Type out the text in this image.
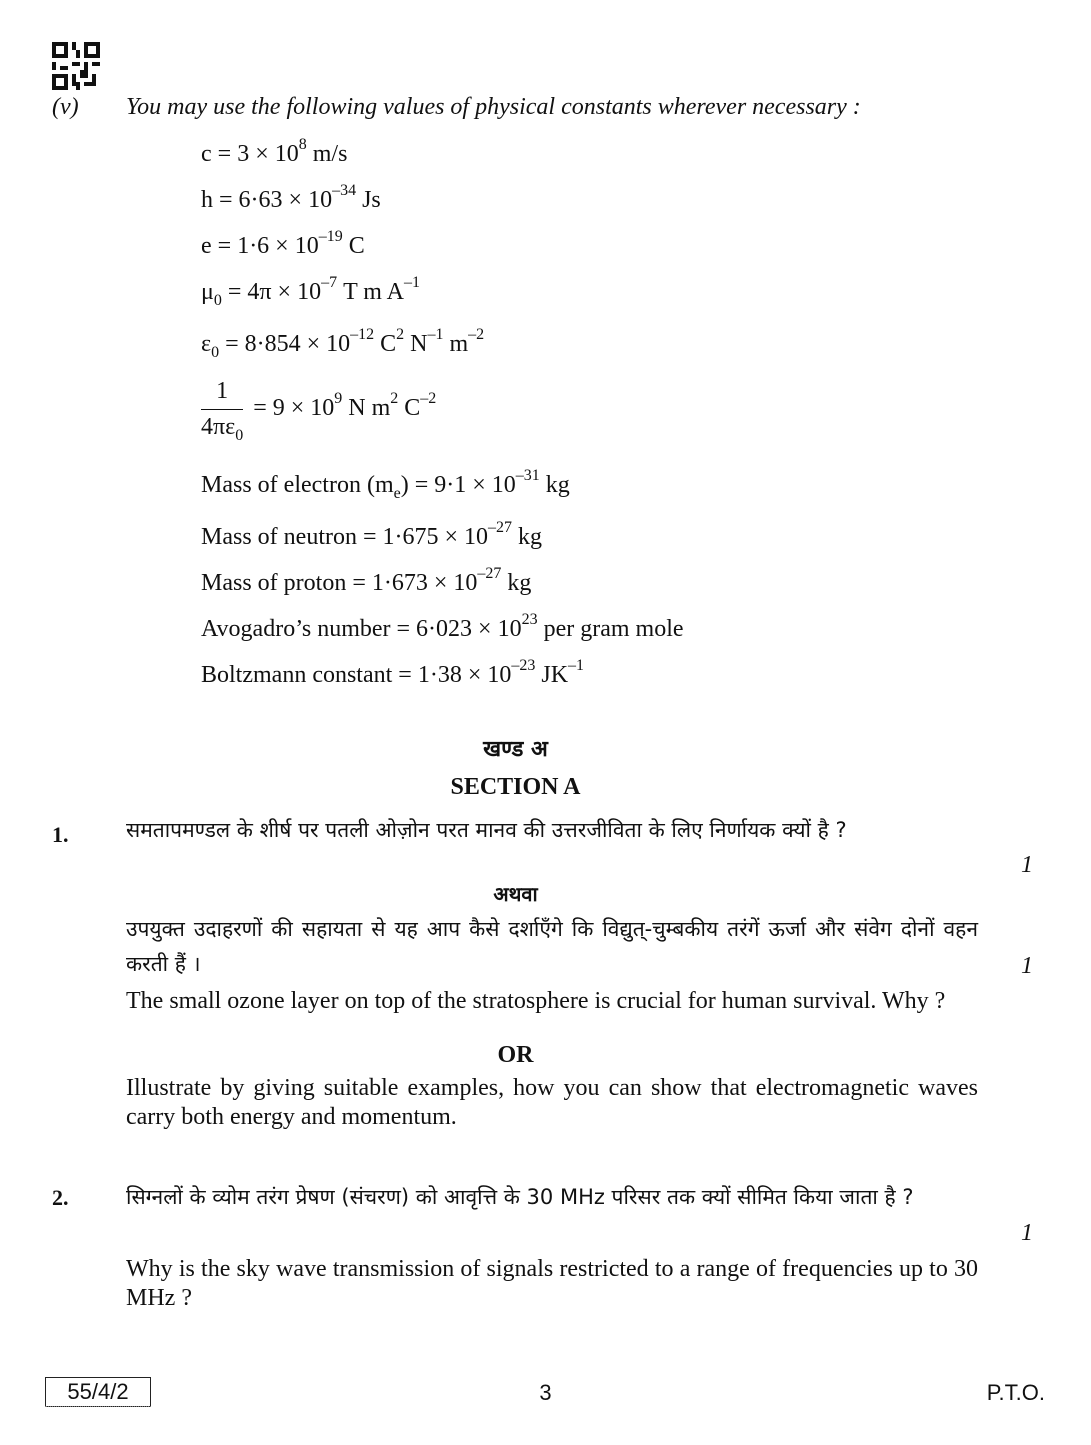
(v) You may use the following values of physical constants wherever necessary :
$c = 3 \times 10^8$ m/s
$h = 6\cdot 63 \times 10^{-34}$ Js
$e = 1\cdot 6 \times 10^{-19}$ C
$\mu_0 = 4\pi \times 10^{-7}$ T m $A^{-1}$
$\varepsilon_0 = 8\cdot 854 \times 10^{-12}$ $C^2$ $N^{-1}$ $m^{-2}$
$\frac{1}{4\pi\varepsilon_0} = 9 \times 10^9$ N $m^2$ $C^{-2}$
Mass of electron $(m_e) = 9\cdot 1 \times 10^{-31}$ kg
Mass of neutron = $1\cdot 675 \times 10^{-27}$ kg
Mass of proton = $1\cdot 673 \times 10^{-27}$ kg
Avogadro’s number = $6\cdot 023 \times 10^{23}$ per gram mole
Boltzmann constant = $1\cdot 38 \times 10^{-23}$ $JK^{-1}$
खण्ड अ
SECTION A
1.	समतापमण्डल के शीर्ष पर पतली ओज़ोन परत मानव की उत्तरजीविता के लिए निर्णायक क्यों है ?
1
अथवा
उपयुक्त उदाहरणों की सहायता से यह आप कैसे दर्शाएँगे कि विद्युत्-चुम्बकीय तरंगें ऊर्जा और संवेग दोनों वहन करती हैं ।	1
The small ozone layer on top of the stratosphere is crucial for human survival. Why ?
OR
Illustrate by giving suitable examples, how you can show that electromagnetic waves carry both energy and momentum.
2.	सिग्नलों के व्योम तरंग प्रेषण (संचरण) को आवृत्ति के 30 MHz परिसर तक क्यों सीमित किया जाता है ?
1
Why is the sky wave transmission of signals restricted to a range of frequencies up to 30 MHz ?
55/4/2	3	P.T.O.
